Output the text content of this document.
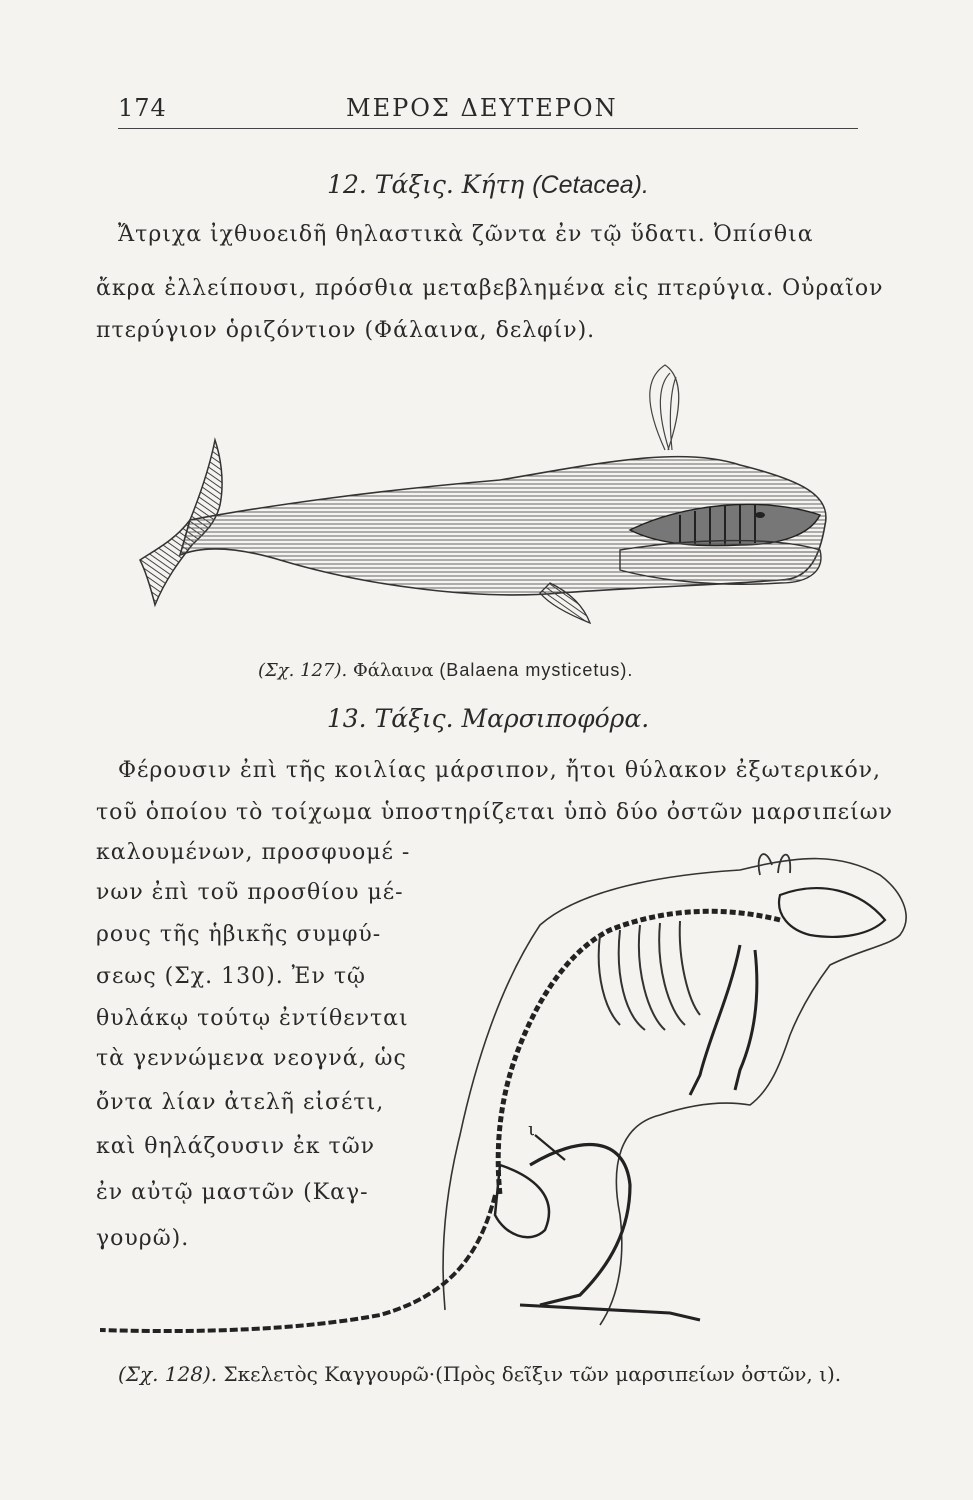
174	ΜΕΡΟΣ ΔΕΥΤΕΡΟΝ
12. Τάξις. Κήτη (Cetacea).
Ἄτριχα ἰχθυοειδῆ θηλαστικὰ ζῶντα ἐν τῷ ὕδατι. Ὀπίσθια
ἄκρα ἐλλείπουσι, πρόσθια μεταβεβλημένα εἰς πτερύγια. Οὐραῖον
πτερύγιον ὁριζόντιον (Φάλαινα, δελφίν).
(Σχ. 127). Φάλαινα (Balaena mysticetus).
13. Τάξις. Μαρσιποφόρα.
Φέρουσιν ἐπὶ τῆς κοιλίας μάρσιπον, ἤτοι θύλακον ἐξωτερικόν,
τοῦ ὁποίου τὸ τοίχωμα ὑποστηρίζεται ὑπὸ δύο ὀστῶν μαρσιπείων
καλουμένων, προσφυομέ -
νων ἐπὶ τοῦ προσθίου μέ-
ρους τῆς ἡβικῆς συμφύ-
σεως (Σχ. 130). Ἐν τῷ
θυλάκῳ τούτῳ ἐντίθενται
τὰ γεννώμενα νεογνά, ὡς
ὄντα λίαν ἀτελῆ εἰσέτι,
καὶ θηλάζουσιν ἐκ τῶν
ἐν αὐτῷ μαστῶν (Καγ-
γουρῶ).
ι
(Σχ. 128). Σκελετὸς Καγγουρῶ·(Πρὸς δεῖξιν τῶν μαρσιπείων ὀστῶν, ι).
